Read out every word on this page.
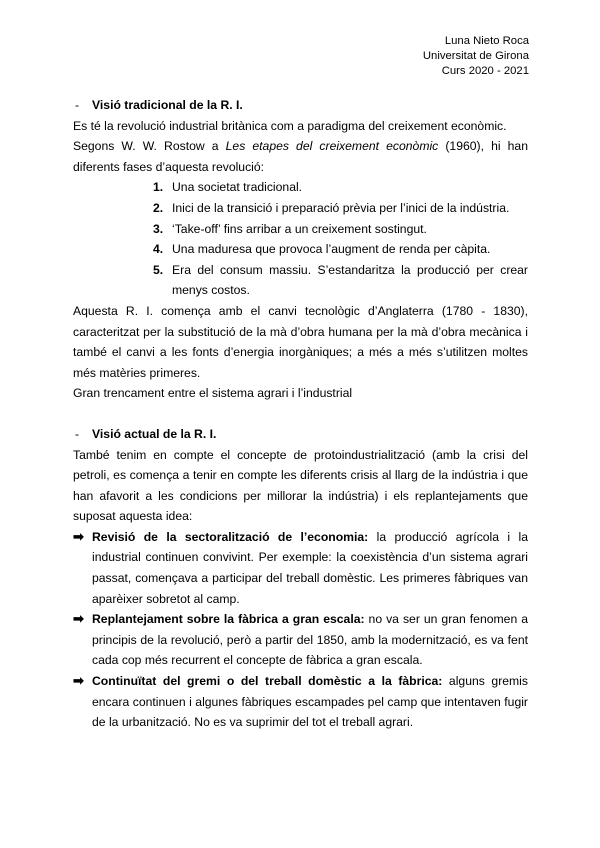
Luna Nieto Roca
Universitat de Girona
Curs 2020 - 2021

- Visió tradicional de la R. I.

Es té la revolució industrial britànica com a paradigma del creixement econòmic.

Segons W. W. Rostow a Les etapes del creixement econòmic (1960), hi han diferents fases d’aquesta revolució:

1. Una societat tradicional.
2. Inici de la transició i preparació prèvia per l’inici de la indústria.
3. ‘Take-off’ fins arribar a un creixement sostingut.
4. Una maduresa que provoca l’augment de renda per càpita.
5. Era del consum massiu. S’estandaritza la producció per crear menys costos.

Aquesta R. I. comença amb el canvi tecnològic d’Anglaterra (1780 - 1830), caracteritzat per la substitució de la mà d’obra humana per la mà d’obra mecànica i també el canvi a les fonts d’energia inorgàniques; a més a més s’utilitzen moltes més matèries primeres.

Gran trencament entre el sistema agrari i l’industrial

- Visió actual de la R. I.

També tenim en compte el concepte de protoindustrialització (amb la crisi del petroli, es comença a tenir en compte les diferents crisis al llarg de la indústria i que han afavorit a les condicions per millorar la indústria) i els replantejaments que suposat aquesta idea:

➡ Revisió de la sectoralització de l’economia: la producció agrícola i la industrial continuen convivint. Per exemple: la coexistència d’un sistema agrari passat, començava a participar del treball domèstic. Les primeres fàbriques van aparèixer sobretot al camp.
➡ Replantejament sobre la fàbrica a gran escala: no va ser un gran fenomen a principis de la revolució, però a partir del 1850, amb la modernització, es va fent cada cop més recurrent el concepte de fàbrica a gran escala.
➡ Continuïtat del gremi o del treball domèstic a la fàbrica: alguns gremis encara continuen i algunes fàbriques escampades pel camp que intentaven fugir de la urbanització. No es va suprimir del tot el treball agrari.
